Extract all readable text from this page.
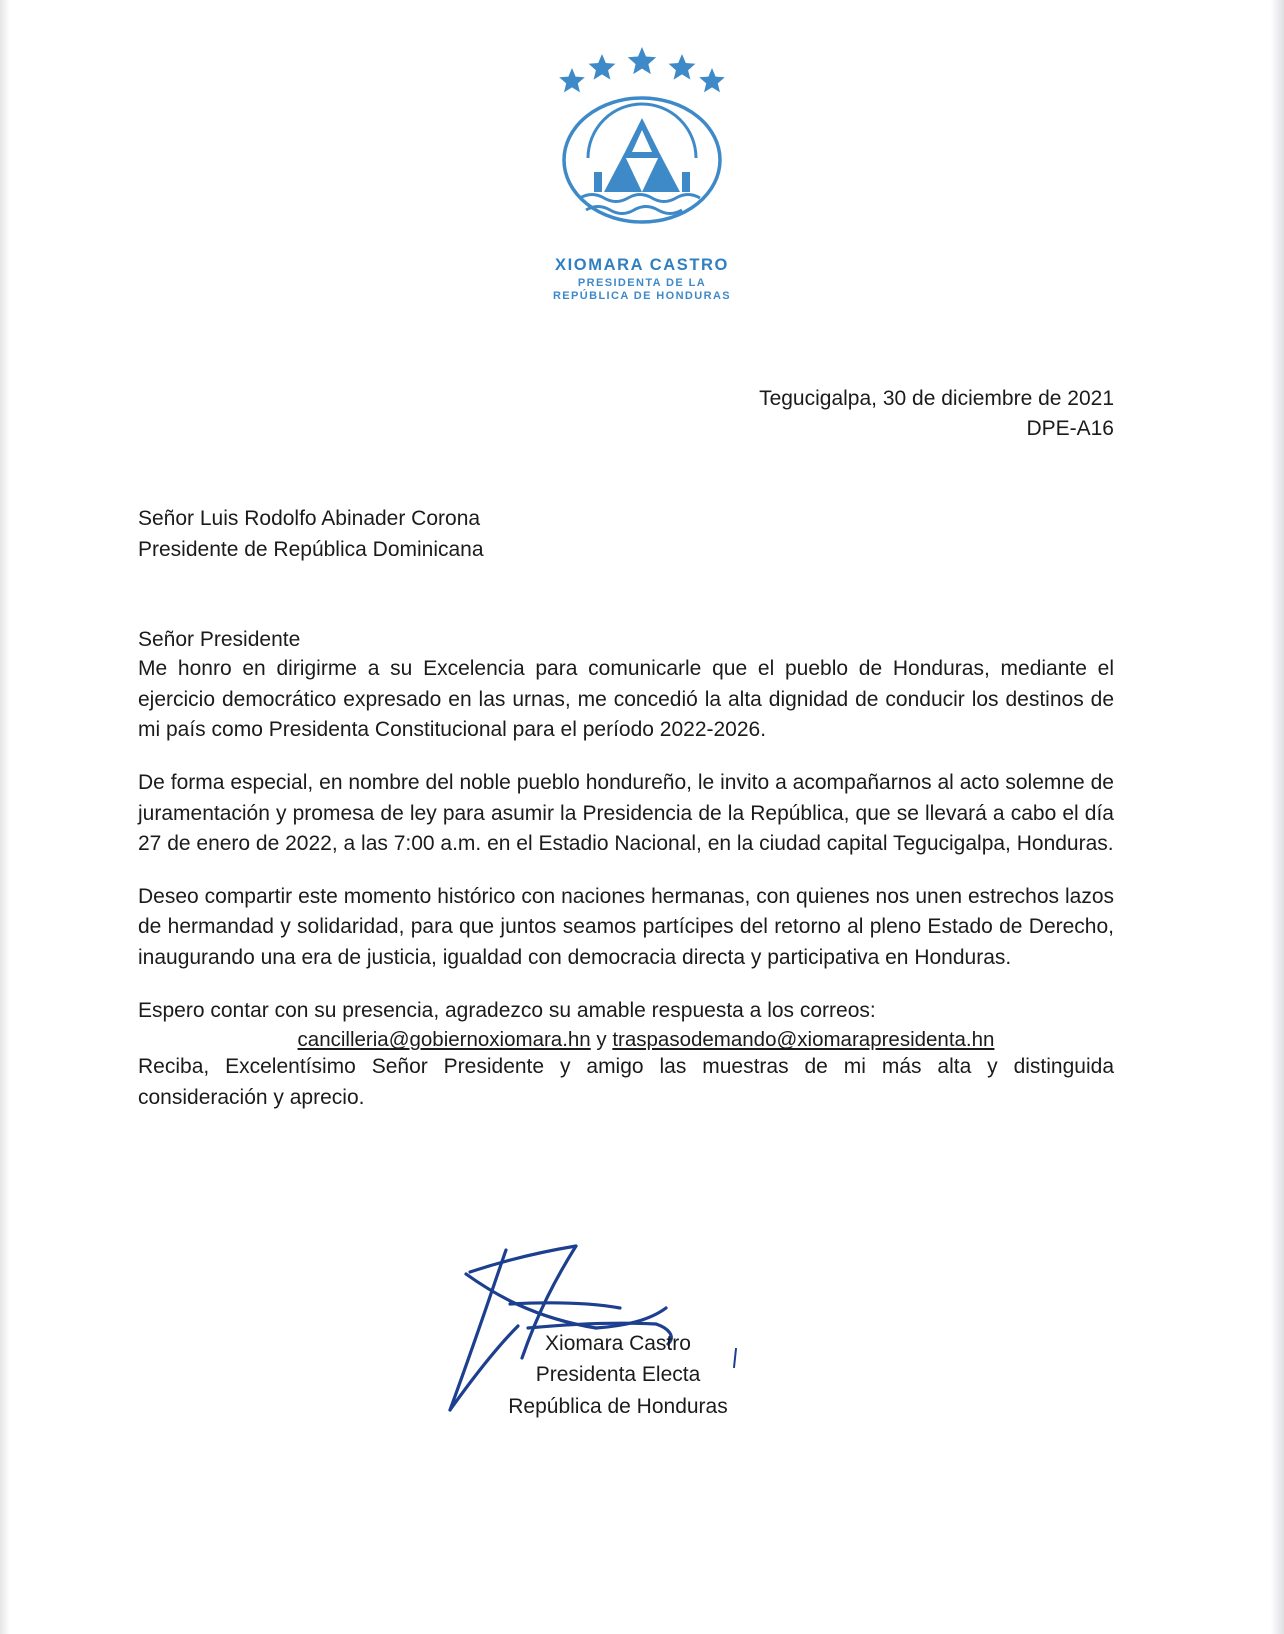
XIOMARA CASTRO
PRESIDENTA DE LA
REPÚBLICA DE HONDURAS
Tegucigalpa, 30 de diciembre de 2021
DPE-A16
Señor Luis Rodolfo Abinader Corona
Presidente de República Dominicana
Señor Presidente

Me honro en dirigirme a su Excelencia para comunicarle que el pueblo de Honduras, mediante el ejercicio democrático expresado en las urnas, me concedió la alta dignidad de conducir los destinos de mi país como Presidenta Constitucional para el período 2022-2026.

De forma especial, en nombre del noble pueblo hondureño, le invito a acompañarnos al acto solemne de juramentación y promesa de ley para asumir la Presidencia de la República, que se llevará a cabo el día 27 de enero de 2022, a las 7:00 a.m. en el Estadio Nacional, en la ciudad capital Tegucigalpa, Honduras.

Deseo compartir este momento histórico con naciones hermanas, con quienes nos unen estrechos lazos de hermandad y solidaridad, para que juntos seamos partícipes del retorno al pleno Estado de Derecho, inaugurando una era de justicia, igualdad con democracia directa y participativa en Honduras.

Espero contar con su presencia, agradezco su amable respuesta a los correos:

cancilleria@gobiernoxiomara.hn y traspasodemando@xiomarapresidenta.hn

Reciba, Excelentísimo Señor Presidente y amigo las muestras de mi más alta y distinguida consideración y aprecio.

Xiomara Castro
Presidenta Electa
República de Honduras
